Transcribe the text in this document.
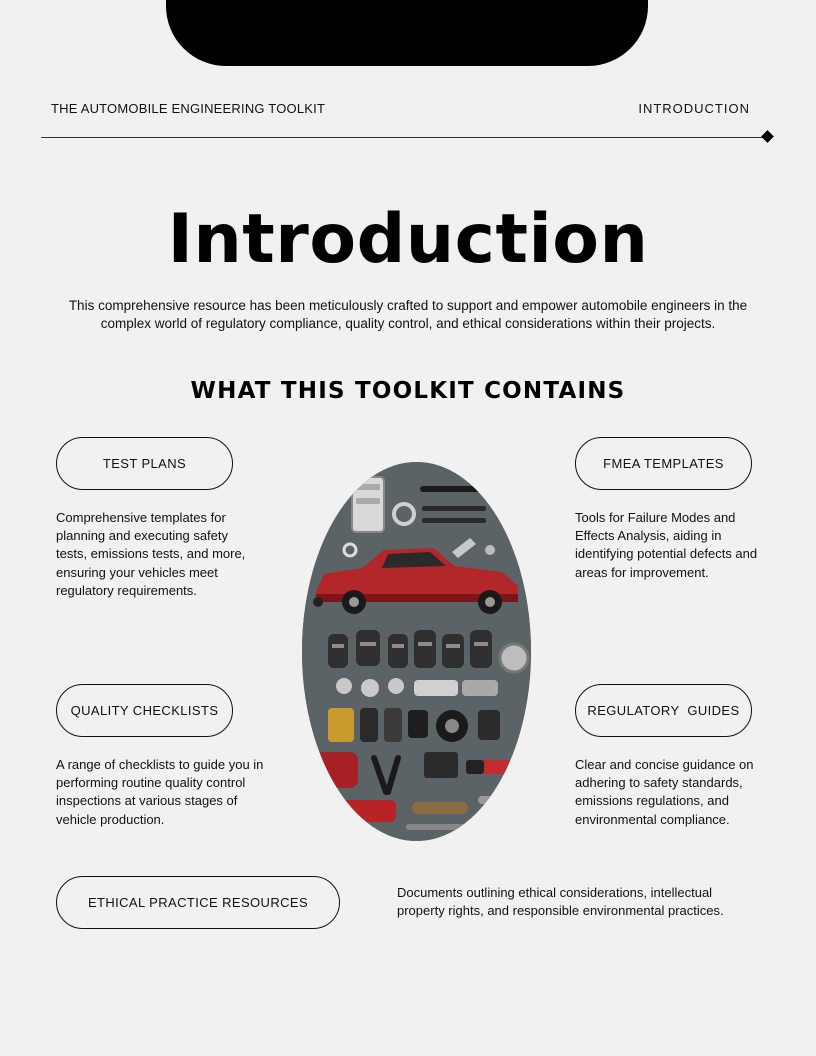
THE AUTOMOBILE ENGINEERING TOOLKIT	INTRODUCTION
Introduction

This comprehensive resource has been meticulously crafted to support and empower automobile engineers in the complex world of regulatory compliance, quality control, and ethical considerations within their projects.

WHAT THIS TOOLKIT CONTAINS
TEST PLANS
Comprehensive templates for planning and executing safety tests, emissions tests, and more, ensuring your vehicles meet regulatory requirements.
FMEA TEMPLATES
Tools for Failure Modes and Effects Analysis, aiding in identifying potential defects and areas for improvement.
QUALITY CHECKLISTS
A range of checklists to guide you in performing routine quality control inspections at various stages of vehicle production.
REGULATORY  GUIDES
Clear and concise guidance on adhering to safety standards, emissions regulations, and environmental compliance.
ETHICAL PRACTICE RESOURCES
Documents outlining ethical considerations, intellectual property rights, and responsible environmental practices.
